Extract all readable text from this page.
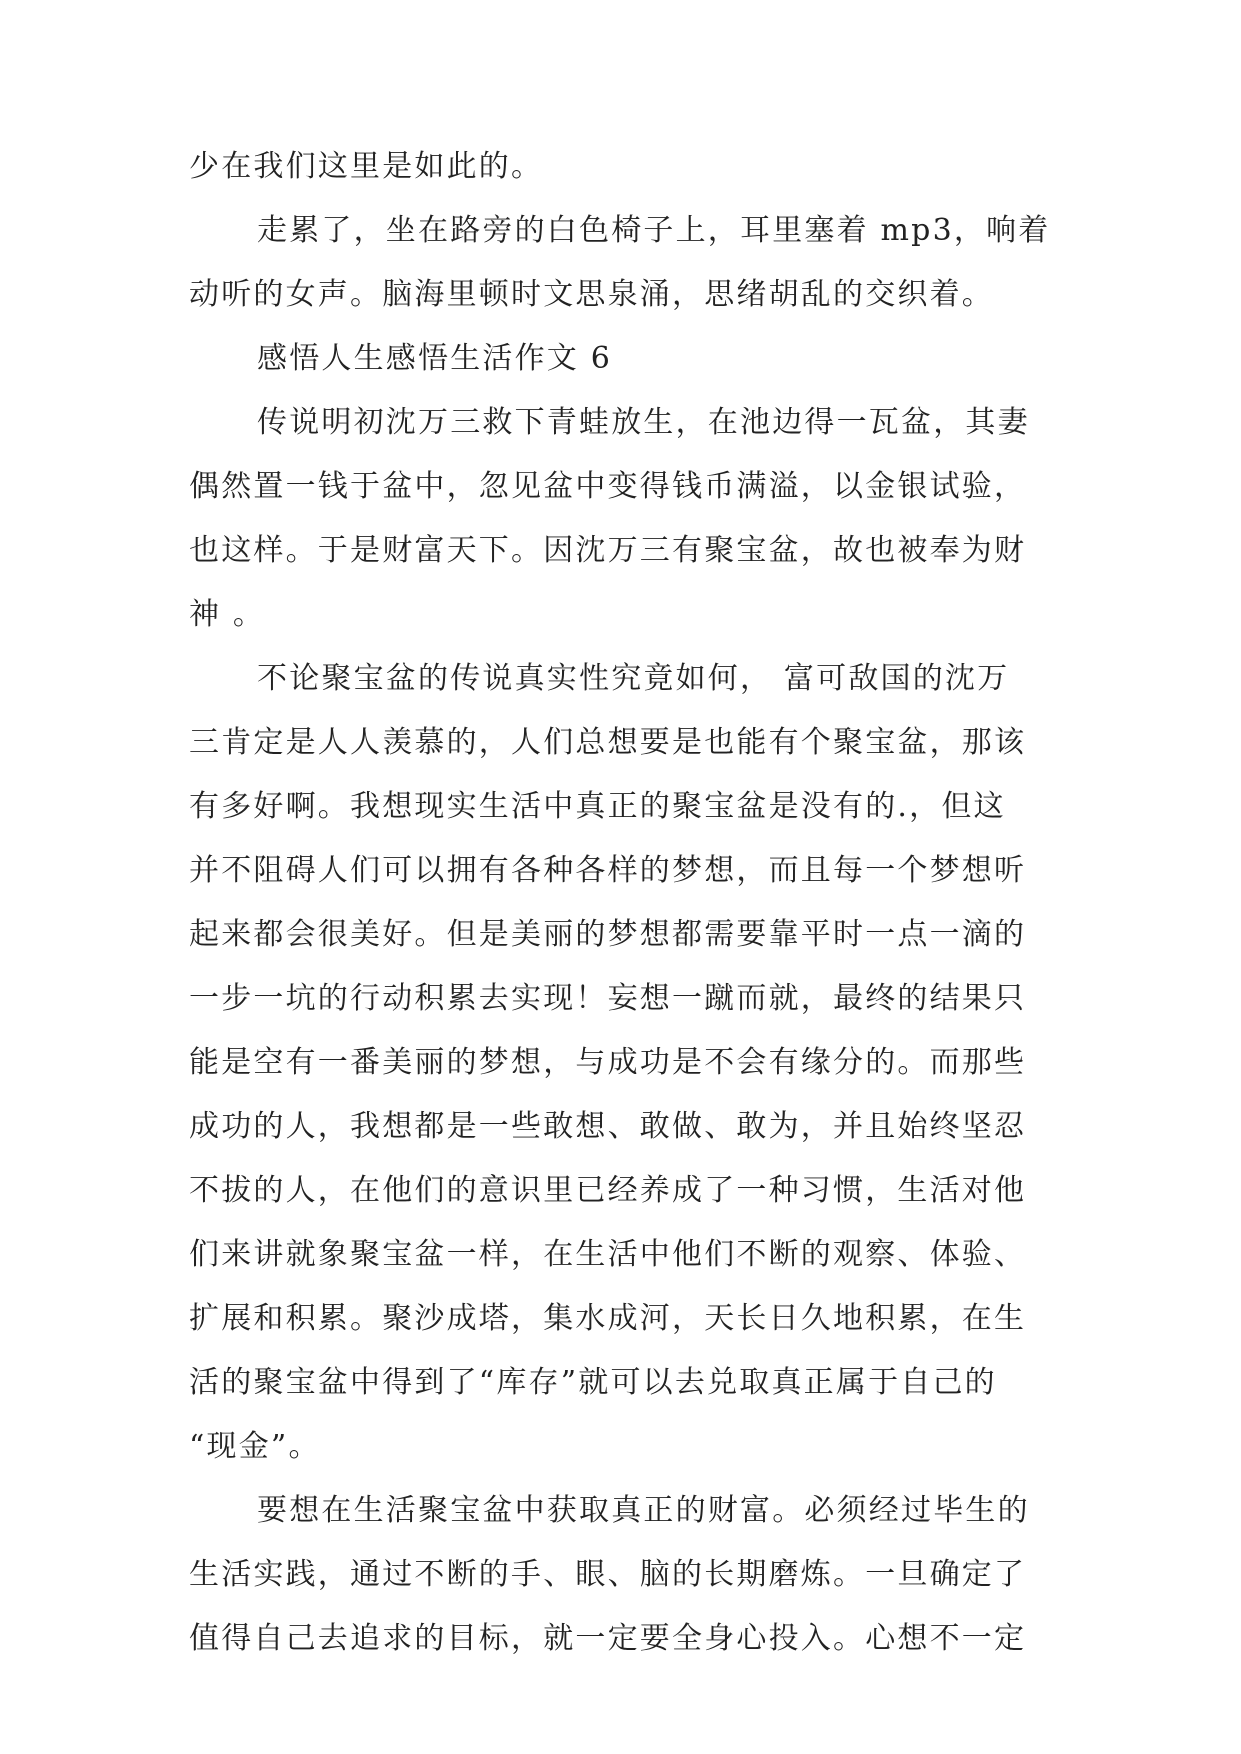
少在我们这里是如此的。
走累了，坐在路旁的白色椅子上，耳里塞着 mp3，响着
动听的女声。脑海里顿时文思泉涌，思绪胡乱的交织着。
感悟人生感悟生活作文 6
传说明初沈万三救下青蛙放生，在池边得一瓦盆，其妻
偶然置一钱于盆中，忽见盆中变得钱币满溢，以金银试验，
也这样。于是财富天下。因沈万三有聚宝盆，故也被奉为财
神 。
不论聚宝盆的传说真实性究竟如何， 富可敌国的沈万
三肯定是人人羡慕的，人们总想要是也能有个聚宝盆，那该
有多好啊。我想现实生活中真正的聚宝盆是没有的.，但这
并不阻碍人们可以拥有各种各样的梦想，而且每一个梦想听
起来都会很美好。但是美丽的梦想都需要靠平时一点一滴的
一步一坑的行动积累去实现！妄想一蹴而就，最终的结果只
能是空有一番美丽的梦想，与成功是不会有缘分的。而那些
成功的人，我想都是一些敢想、敢做、敢为，并且始终坚忍
不拔的人，在他们的意识里已经养成了一种习惯，生活对他
们来讲就象聚宝盆一样，在生活中他们不断的观察、体验、
扩展和积累。聚沙成塔，集水成河，天长日久地积累，在生
活的聚宝盆中得到了“库存”就可以去兑取真正属于自己的
“现金”。
要想在生活聚宝盆中获取真正的财富。必须经过毕生的
生活实践，通过不断的手、眼、脑的长期磨炼。一旦确定了
值得自己去追求的目标，就一定要全身心投入。心想不一定
